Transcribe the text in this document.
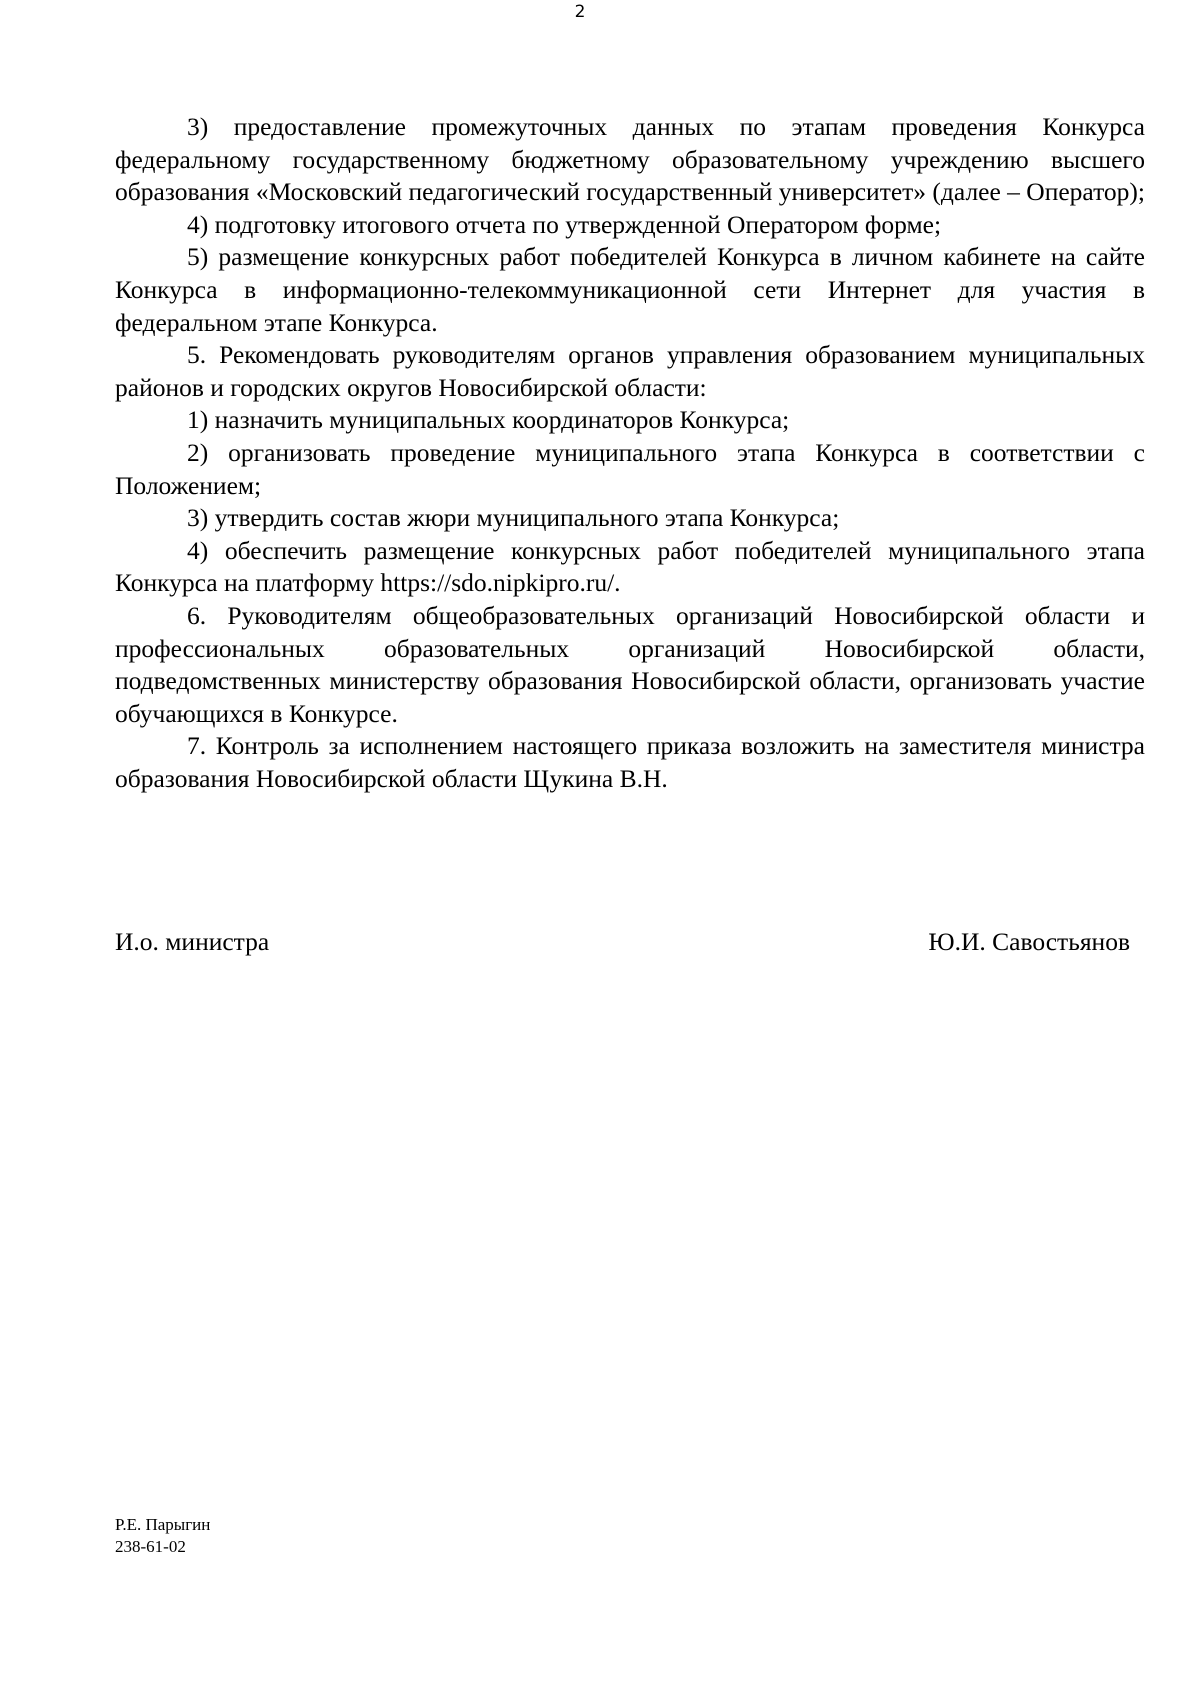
2

3) предоставление промежуточных данных по этапам проведения Конкурса федеральному государственному бюджетному образовательному учреждению высшего образования «Московский педагогический государственный университет» (далее – Оператор);

4) подготовку итогового отчета по утвержденной Оператором форме;

5) размещение конкурсных работ победителей Конкурса в личном кабинете на сайте Конкурса в информационно-телекоммуникационной сети Интернет для участия в федеральном этапе Конкурса.

5. Рекомендовать руководителям органов управления образованием муниципальных районов и городских округов Новосибирской области:

1) назначить муниципальных координаторов Конкурса;

2) организовать проведение муниципального этапа Конкурса в соответствии с Положением;

3) утвердить состав жюри муниципального этапа Конкурса;

4) обеспечить размещение конкурсных работ победителей муниципального этапа Конкурса на платформу https://sdo.nipkipro.ru/.

6. Руководителям общеобразовательных организаций Новосибирской области и профессиональных образовательных организаций Новосибирской области, подведомственных министерству образования Новосибирской области, организовать участие обучающихся в Конкурсе.

7. Контроль за исполнением настоящего приказа возложить на заместителя министра образования Новосибирской области Щукина В.Н.

И.о. министра	Ю.И. Савостьянов
Р.Е. Парыгин
238-61-02
